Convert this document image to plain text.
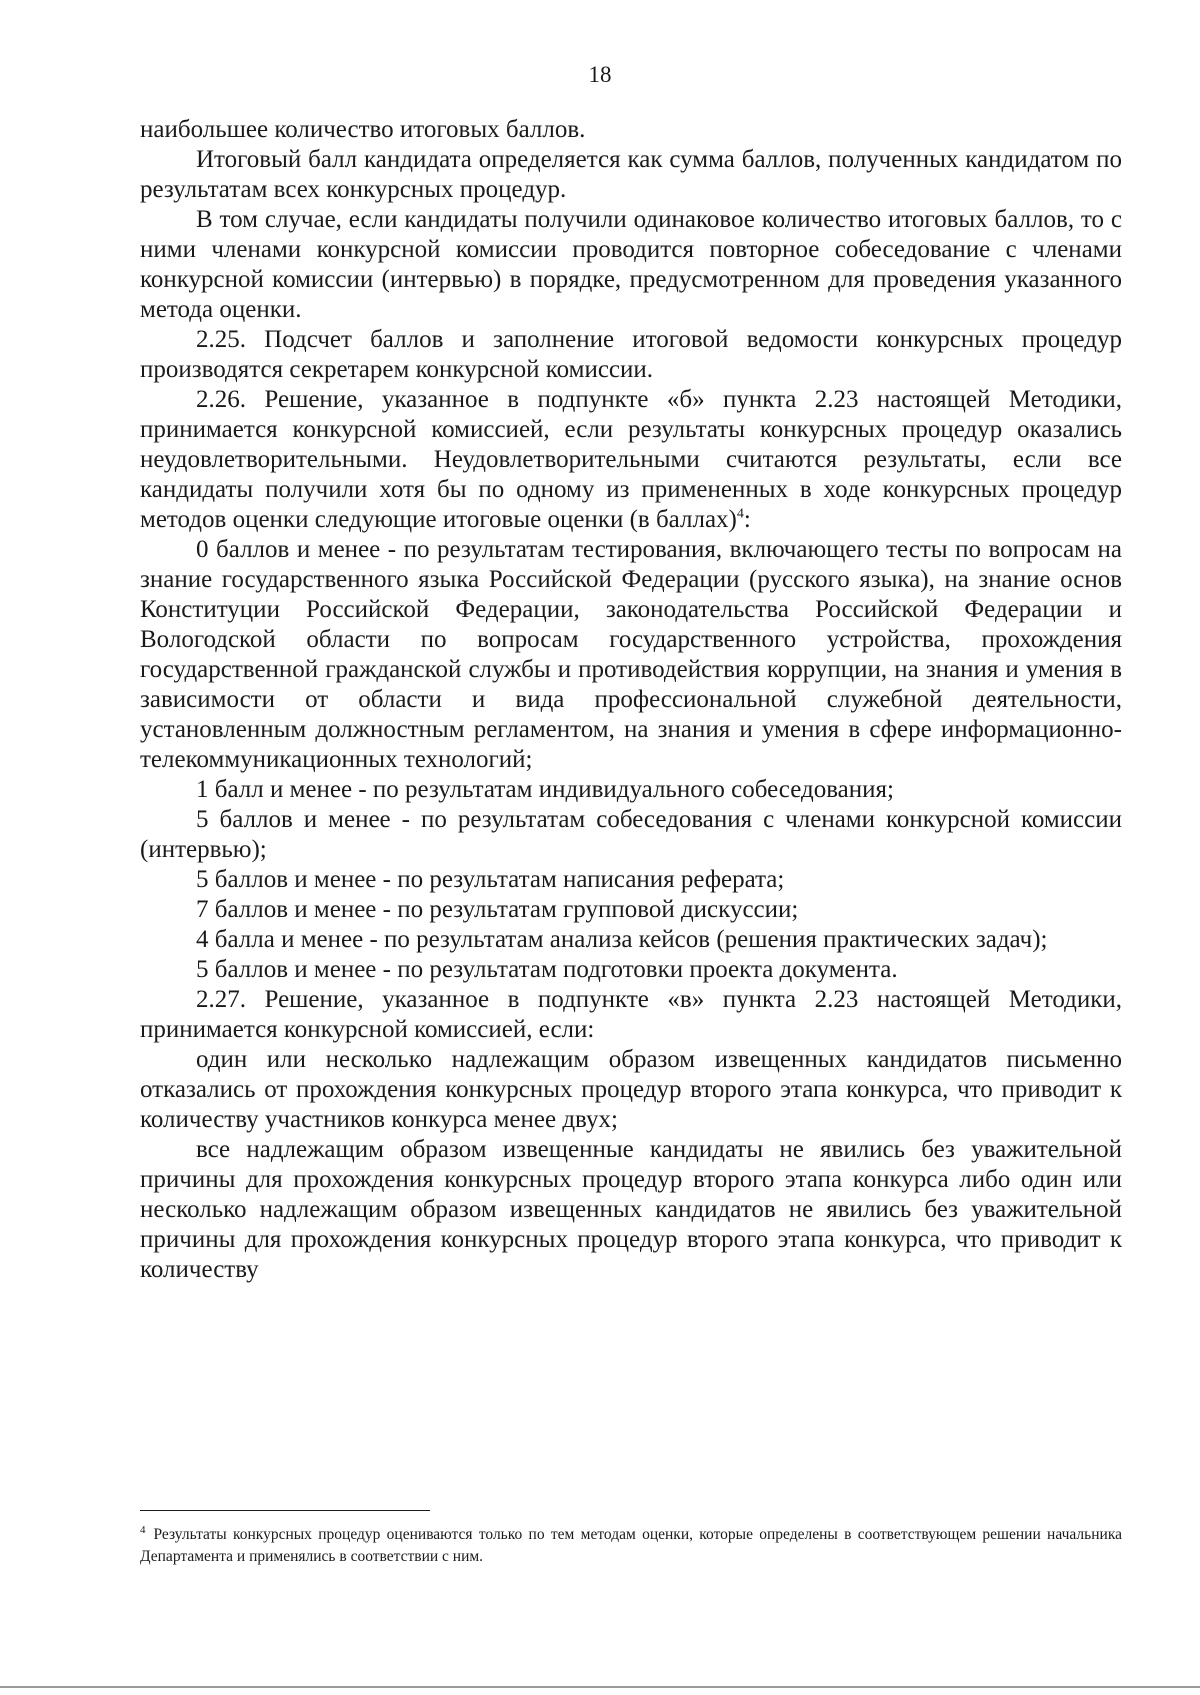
18

наибольшее количество итоговых баллов.

Итоговый балл кандидата определяется как сумма баллов, полученных кандидатом по результатам всех конкурсных процедур.

В том случае, если кандидаты получили одинаковое количество итоговых баллов, то с ними членами конкурсной комиссии проводится повторное собеседование с членами конкурсной комиссии (интервью) в порядке, предусмотренном для проведения указанного метода оценки.

2.25. Подсчет баллов и заполнение итоговой ведомости конкурсных процедур производятся секретарем конкурсной комиссии.

2.26. Решение, указанное в подпункте «б» пункта 2.23 настоящей Методики, принимается конкурсной комиссией, если результаты конкурсных процедур оказались неудовлетворительными. Неудовлетворительными считаются результаты, если все кандидаты получили хотя бы по одному из примененных в ходе конкурсных процедур методов оценки следующие итоговые оценки (в баллах)$^4$:

0 баллов и менее - по результатам тестирования, включающего тесты по вопросам на знание государственного языка Российской Федерации (русского языка), на знание основ Конституции Российской Федерации, законодательства Российской Федерации и Вологодской области по вопросам государственного устройства, прохождения государственной гражданской службы и противодействия коррупции, на знания и умения в зависимости от области и вида профессиональной служебной деятельности, установленным должностным регламентом, на знания и умения в сфере информационно-телекоммуникационных технологий;

1 балл и менее - по результатам индивидуального собеседования;

5 баллов и менее - по результатам собеседования с членами конкурсной комиссии (интервью);

5 баллов и менее - по результатам написания реферата;

7 баллов и менее - по результатам групповой дискуссии;

4 балла и менее - по результатам анализа кейсов (решения практических задач);

5 баллов и менее - по результатам подготовки проекта документа.

2.27. Решение, указанное в подпункте «в» пункта 2.23 настоящей Методики, принимается конкурсной комиссией, если:

один или несколько надлежащим образом извещенных кандидатов письменно отказались от прохождения конкурсных процедур второго этапа конкурса, что приводит к количеству участников конкурса менее двух;

все надлежащим образом извещенные кандидаты не явились без уважительной причины для прохождения конкурсных процедур второго этапа конкурса либо один или несколько надлежащим образом извещенных кандидатов не явились без уважительной причины для прохождения конкурсных процедур второго этапа конкурса, что приводит к количеству

$^4$ Результаты конкурсных процедур оцениваются только по тем методам оценки, которые определены в соответствующем решении начальника Департамента и применялись в соответствии с ним.
